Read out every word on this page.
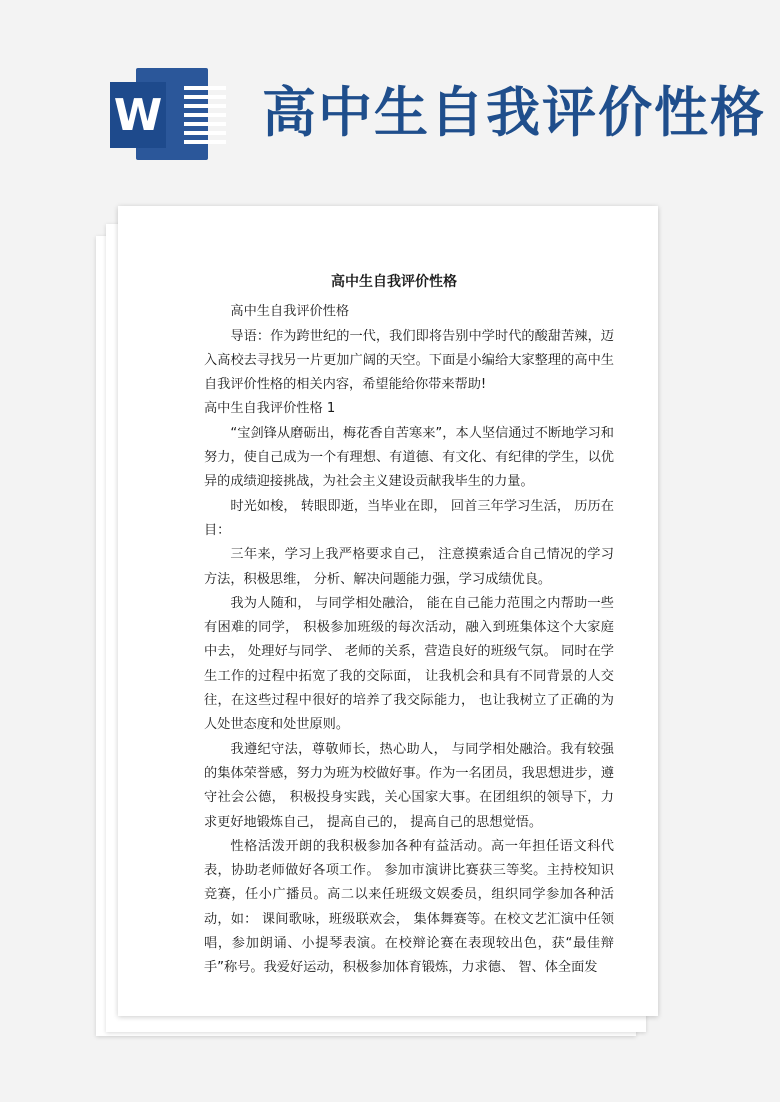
W 高中生自我评价性格
高中生自我评价性格

高中生自我评价性格

导语：作为跨世纪的一代，我们即将告别中学时代的酸甜苦辣，迈入高校去寻找另一片更加广阔的天空。下面是小编给大家整理的高中生自我评价性格的相关内容，希望能给你带来帮助!

高中生自我评价性格 1

“宝剑锋从磨砺出，梅花香自苦寒来”，本人坚信通过不断地学习和努力，使自己成为一个有理想、有道德、有文化、有纪律的学生，以优异的成绩迎接挑战，为社会主义建设贡献我毕生的力量。

时光如梭， 转眼即逝，当毕业在即， 回首三年学习生活， 历历在目：

三年来，学习上我严格要求自己， 注意摸索适合自己情况的学习方法，积极思维， 分析、解决问题能力强，学习成绩优良。

我为人随和， 与同学相处融洽， 能在自己能力范围之内帮助一些有困难的同学， 积极参加班级的每次活动，融入到班集体这个大家庭中去， 处理好与同学、 老师的关系，营造良好的班级气氛。 同时在学生工作的过程中拓宽了我的交际面， 让我机会和具有不同背景的人交往，在这些过程中很好的培养了我交际能力， 也让我树立了正确的为人处世态度和处世原则。

我遵纪守法，尊敬师长，热心助人， 与同学相处融洽。我有较强的集体荣誉感，努力为班为校做好事。作为一名团员，我思想进步，遵守社会公德， 积极投身实践，关心国家大事。在团组织的领导下，力求更好地锻炼自己， 提高自己的， 提高自己的思想觉悟。

性格活泼开朗的我积极参加各种有益活动。高一年担任语文科代表，协助老师做好各项工作。 参加市演讲比赛获三等奖。主持校知识竞赛，任小广播员。高二以来任班级文娱委员，组织同学参加各种活动，如： 课间歌咏，班级联欢会， 集体舞赛等。在校文艺汇演中任领唱，参加朗诵、小提琴表演。在校辩论赛在表现较出色，获“最佳辩手”称号。我爱好运动，积极参加体育锻炼，力求德、 智、体全面发
